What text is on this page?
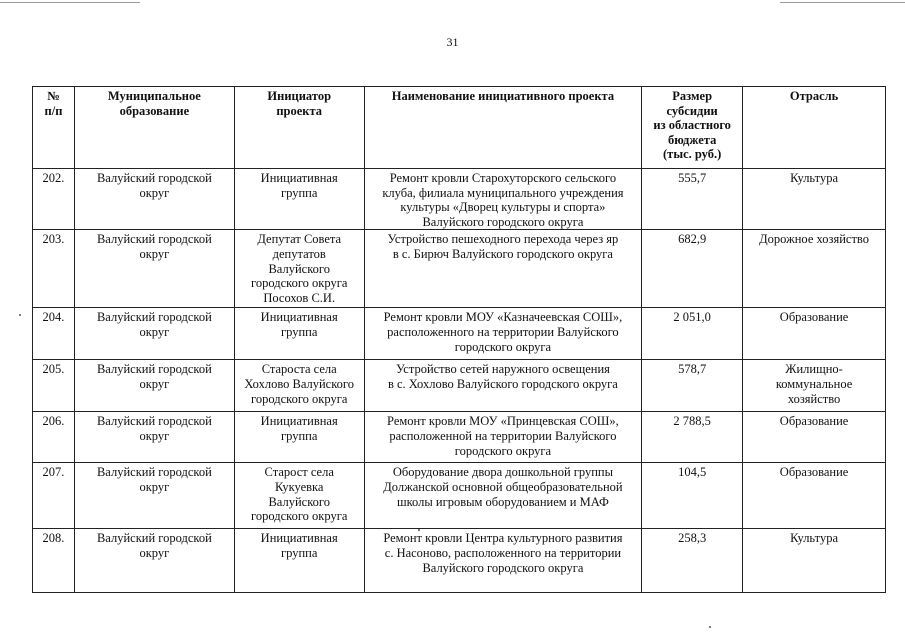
31
№
п/п	Муниципальное
образование	Инициатор
проекта	Наименование инициативного проекта	Размер
субсидии
из областного
бюджета
(тыс. руб.)	Отрасль

202.	Валуйский городской
округ	Инициативная
группа	Ремонт кровли Старохуторского сельского
клуба, филиала муниципального учреждения
культуры «Дворец культуры и спорта»
Валуйского городского округа	555,7	Культура

203.	Валуйский городской
округ	Депутат Совета
депутатов
Валуйского
городского округа
Посохов С.И.	Устройство пешеходного перехода через яр
в с. Бирюч Валуйского городского округа	682,9	Дорожное хозяйство

204.	Валуйский городской
округ	Инициативная
группа	Ремонт кровли МОУ «Казначеевская СОШ»,
расположенного на территории Валуйского
городского округа	2 051,0	Образование

205.	Валуйский городской
округ	Староста села
Хохлово Валуйского
городского округа	Устройство сетей наружного освещения
в с. Хохлово Валуйского городского округа	578,7	Жилищно-
коммунальное
хозяйство

206.	Валуйский городской
округ	Инициативная
группа	Ремонт кровли МОУ «Принцевская СОШ»,
расположенной на территории Валуйского
городского округа	2 788,5	Образование

207.	Валуйский городской
округ	Старост села
Кукуевка
Валуйского
городского округа	Оборудование двора дошкольной группы
Должанской основной общеобразовательной
школы игровым оборудованием и МАФ	104,5	Образование

208.	Валуйский городской
округ	Инициативная
группа	Ремонт кровли Центра культурного развития
с. Насоново, расположенного на территории
Валуйского городского округа	258,3	Культура
